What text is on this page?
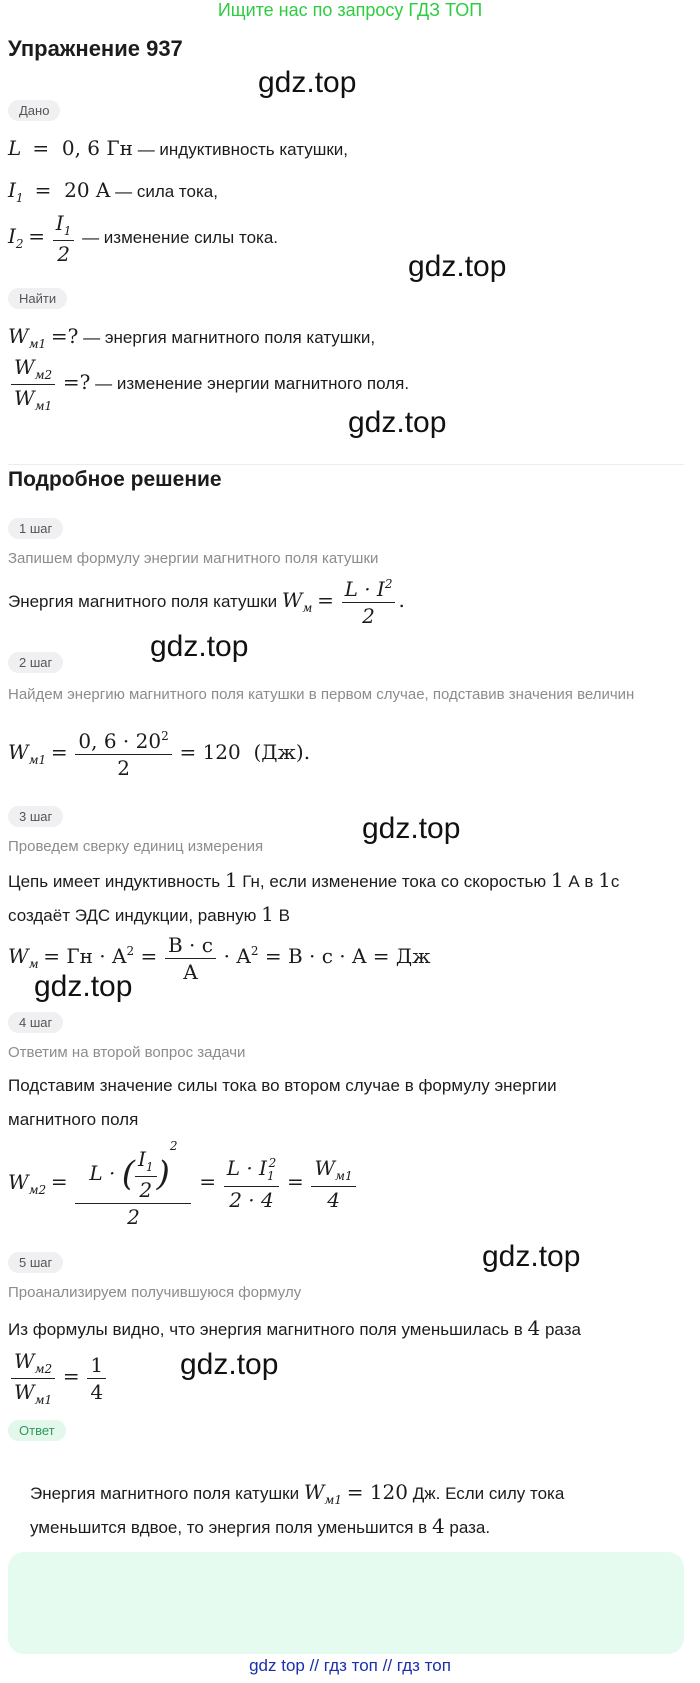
Ищите нас по запросу ГДЗ ТОП
Упражнение 937
gdz.top
gdz.top
gdz.top
gdz.top
gdz.top
gdz.top
gdz.top
gdz.top
Дано
L  =  0, 6 Гн — индуктивность катушки,
$I_1 = 20$ A — сила тока,
$I_2 = \frac{I_1}{2}$ — изменение силы тока.
Найти
$W_{м1}$ =? — энергия магнитного поля катушки,
$\frac{W_{м2}}{W_{м1}}$ =? — изменение энергии магнитного поля.
Подробное решение
1 шаг
Запишем формулу энергии магнитного поля катушки
Энергия магнитного поля катушки $W_м = \frac{L \cdot I^2}{2}$ .
2 шаг
Найдем энергию магнитного поля катушки в первом случае, подставив значения величин
$W_{м1} = \frac{0, 6 \cdot 20^2}{2} = 120$  (Дж).
3 шаг
Проведем сверку единиц измерения
Цепь имеет индуктивность 1 Гн, если изменение тока со скоростью 1 А в 1с
создаёт ЭДС индукции, равную 1 В
$W_м$ = Гн · $A^2 = \frac{B \cdot c}{A} \cdot A^2 = B \cdot c \cdot A$ = Дж
4 шаг
Ответим на второй вопрос задачи
Подставим значение силы тока во втором случае в формулу энергии
магнитного поля
$W_{м2} = \frac{L \cdot ( \frac{I_1}{2} )^2}{2} = \frac{L \cdot I_1^2}{2 \cdot 4} = \frac{W_{м1}}{4}$
5 шаг
Проанализируем получившуюся формулу
Из формулы видно, что энергия магнитного поля уменьшилась в 4 раза
$\frac{W_{м2}}{W_{м1}} = \frac{1}{4}$
Ответ
Энергия магнитного поля катушки $W_{м1} = 120$ Дж. Если силу тока
уменьшится вдвое, то энергия поля уменьшится в 4 раза.
gdz top // гдз топ // гдз топ
